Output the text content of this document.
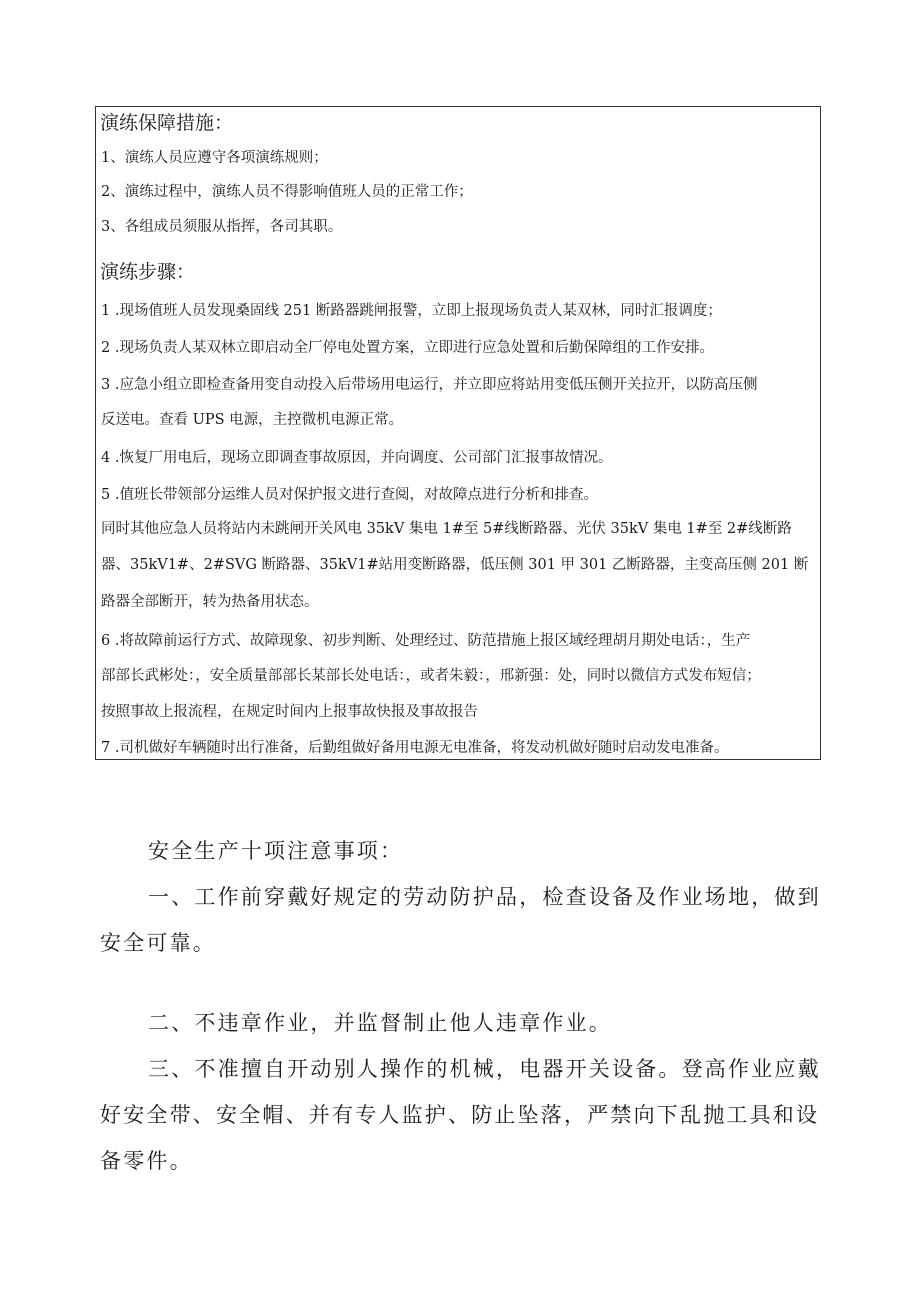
演练保障措施：
1、演练人员应遵守各项演练规则；
2、演练过程中，演练人员不得影响值班人员的正常工作；
3、各组成员须服从指挥，各司其职。
演练步骤：
1 .现场值班人员发现桑固线 251 断路器跳闸报警，立即上报现场负责人某双林，同时汇报调度；
2 .现场负责人某双林立即启动全厂停电处置方案，立即进行应急处置和后勤保障组的工作安排。
3 .应急小组立即检查备用变自动投入后带场用电运行，并立即应将站用变低压侧开关拉开，以防高压侧
反送电。查看 UPS 电源，主控微机电源正常。
4 .恢复厂用电后，现场立即调查事故原因，并向调度、公司部门汇报事故情况。
5 .值班长带领部分运维人员对保护报文进行查阅，对故障点进行分析和排查。
同时其他应急人员将站内未跳闸开关风电 35kV 集电 1#至 5#线断路器、光伏 35kV 集电 1#至 2#线断路
器、35kV1#、2#SVG 断路器、35kV1#站用变断路器，低压侧 301 甲 301 乙断路器，主变高压侧 201 断
路器全部断开，转为热备用状态。
6 .将故障前运行方式、故障现象、初步判断、处理经过、防范措施上报区域经理胡月期处电话：，生产
部部长武彬处：，安全质量部部长某部长处电话：，或者朱毅：，邢新强：处，同时以微信方式发布短信；
按照事故上报流程，在规定时间内上报事故快报及事故报告
7 .司机做好车辆随时出行准备，后勤组做好备用电源无电准备，将发动机做好随时启动发电准备。

安全生产十项注意事项：

一、工作前穿戴好规定的劳动防护品，检查设备及作业场地，做到安全可靠。

二、不违章作业，并监督制止他人违章作业。

三、不准擅自开动别人操作的机械，电器开关设备。登高作业应戴好安全带、安全帽、并有专人监护、防止坠落，严禁向下乱抛工具和设备零件。
